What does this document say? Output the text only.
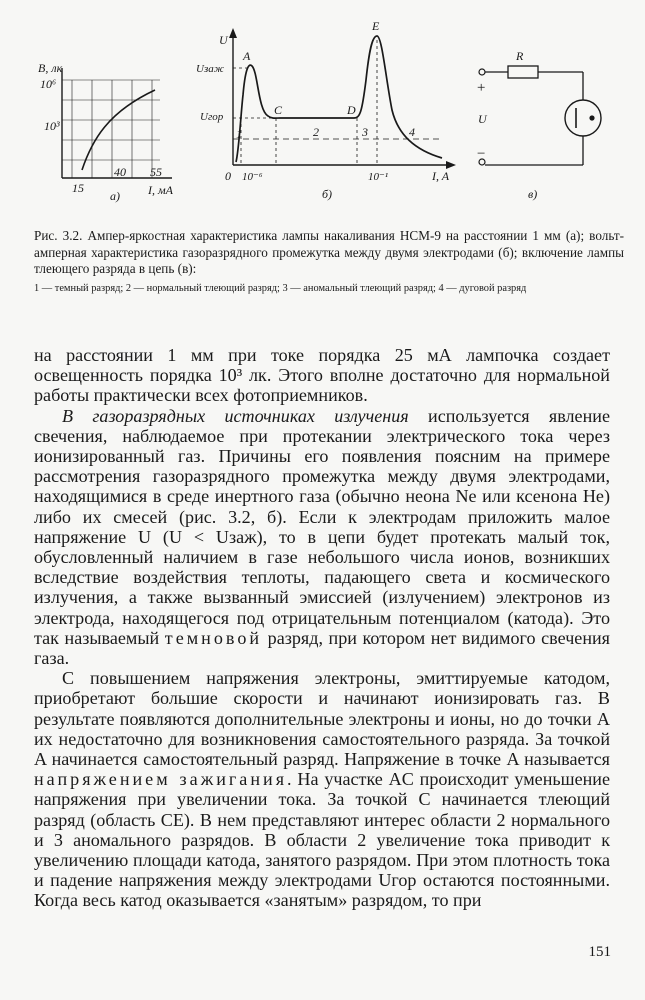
B, лк
10⁶
10³
15
40 55
I, мA
а)
U
Uзаж
Uгор
A
C	D
E
1	2	3	4
0 10⁻⁶	10⁻¹	I, A
б)
R
+
U
−
в)
Рис. 3.2. Ампер-яркостная характеристика лампы накаливания НСМ-9 на расстоянии 1 мм (а); вольт-амперная характеристика газоразрядного промежутка между двумя электродами (б); включение лампы тлеющего разряда в цепь (в):
1 — темный разряд; 2 — нормальный тлеющий разряд; 3 — аномальный тлеющий разряд; 4 — дуговой разряд

на расстоянии 1 мм при токе порядка 25 мА лампочка создает освещенность порядка 10³ лк. Этого вполне достаточно для нормальной работы практически всех фотоприемников.

В газоразрядных источниках излучения используется явление свечения, наблюдаемое при протекании электрического тока через ионизированный газ. Причины его появления поясним на примере рассмотрения газоразрядного промежутка между двумя электродами, находящимися в среде инертного газа (обычно неона Ne или ксенона He) либо их смесей (рис. 3.2, б). Если к электродам приложить малое напряжение U (U < Uзаж), то в цепи будет протекать малый ток, обусловленный наличием в газе небольшого числа ионов, возникших вследствие воздействия теплоты, падающего света и космического излучения, а также вызванный эмиссией (излучением) электронов из электрода, находящегося под отрицательным потенциалом (катода). Это так называемый темновой разряд, при котором нет видимого свечения газа.

С повышением напряжения электроны, эмиттируемые катодом, приобретают большие скорости и начинают ионизировать газ. В результате появляются дополнительные электроны и ионы, но до точки A их недостаточно для возникновения самостоятельного разряда. За точкой A начинается самостоятельный разряд. Напряжение в точке A называется напряжением зажигания. На участке AC происходит уменьшение напряжения при увеличении тока. За точкой C начинается тлеющий разряд (область CE). В нем представляют интерес области 2 нормального и 3 аномального разрядов. В области 2 увеличение тока приводит к увеличению площади катода, занятого разрядом. При этом плотность тока и падение напряжения между электродами Uгор остаются постоянными. Когда весь катод оказывается «занятым» разрядом, то при

151
